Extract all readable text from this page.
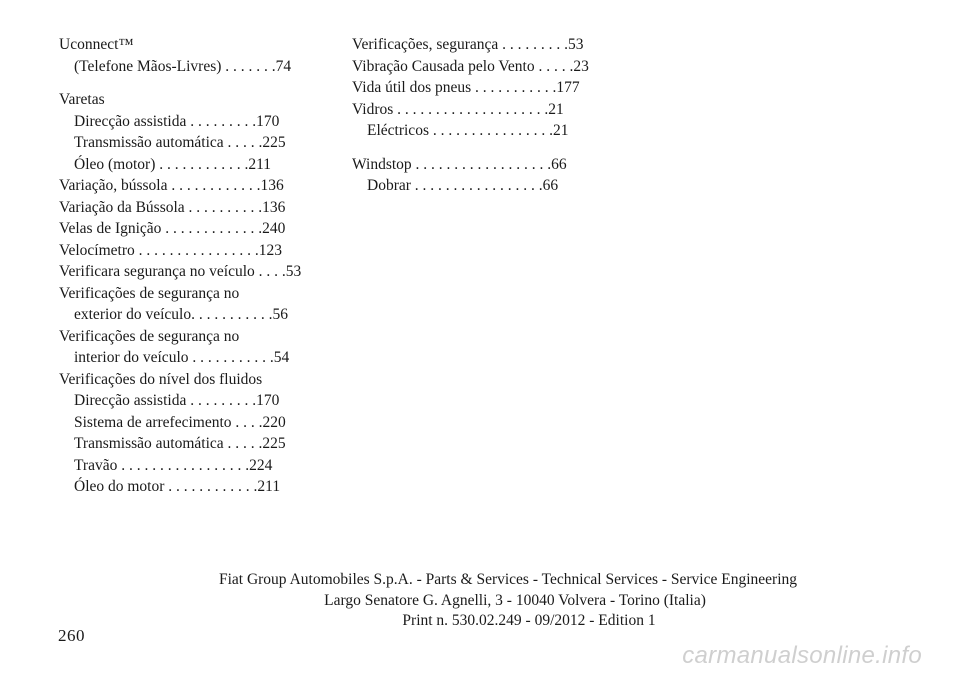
Uconnect™
(Telefone Mãos-Livres) . . . . . . .74
Varetas
Direcção assistida . . . . . . . . .170
Transmissão automática . . . . .225
Óleo (motor) . . . . . . . . . . . .211
Variação, bússola . . . . . . . . . . . .136
Variação da Bússola . . . . . . . . . .136
Velas de Ignição . . . . . . . . . . . . .240
Velocímetro . . . . . . . . . . . . . . . .123
Verificara segurança no veículo . . . .53
Verificações de segurança no
exterior do veículo. . . . . . . . . . .56
Verificações de segurança no
interior do veículo . . . . . . . . . . .54
Verificações do nível dos fluidos
Direcção assistida . . . . . . . . .170
Sistema de arrefecimento . . . .220
Transmissão automática . . . . .225
Travão . . . . . . . . . . . . . . . . .224
Óleo do motor . . . . . . . . . . . .211
Verificações, segurança . . . . . . . . .53
Vibração Causada pelo Vento . . . . .23
Vida útil dos pneus . . . . . . . . . . .177
Vidros . . . . . . . . . . . . . . . . . . . .21
Eléctricos . . . . . . . . . . . . . . . .21
Windstop . . . . . . . . . . . . . . . . . .66
Dobrar . . . . . . . . . . . . . . . . .66
Fiat Group Automobiles S.p.A. - Parts & Services - Technical Services - Service Engineering
Largo Senatore G. Agnelli, 3 - 10040 Volvera - Torino (Italia)
Print n. 530.02.249 - 09/2012 - Edition 1
260
carmanualsonline.info
